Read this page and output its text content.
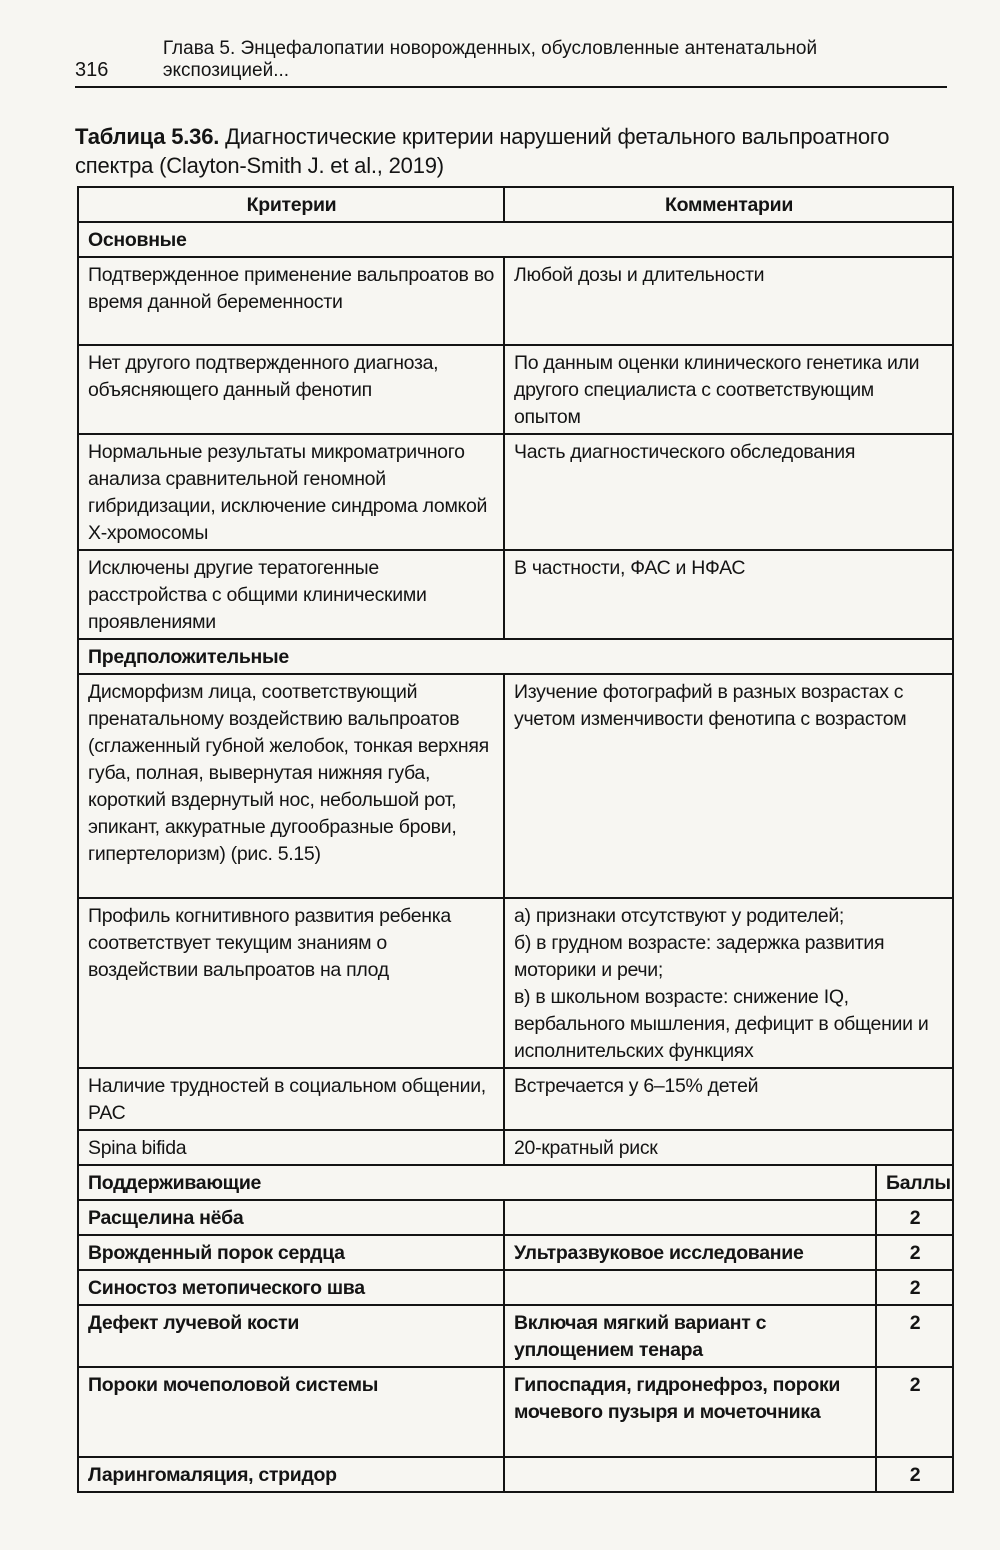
316
Глава 5. Энцефалопатии новорожденных, обусловленные антенатальной экспозицией...
Таблица 5.36. Диагностические критерии нарушений фетального вальпроатного спектра (Clayton-Smith J. et al., 2019)
Критерии	Комментарии	
Основные		
Подтвержденное применение вальпроатов во время данной беременности	Любой дозы и длительности	
Нет другого подтвержденного диагноза, объясняющего данный фенотип	По данным оценки клинического генетика или другого специалиста с соответствующим опытом	
Нормальные результаты микроматричного анализа сравнительной геномной гибридизации, исключение синдрома ломкой Х-хромосомы	Часть диагностического обследования	
Исключены другие тератогенные расстройства с общими клиническими проявлениями	В частности, ФАС и НФАС	
Предположительные		
Дисморфизм лица, соответствующий пренатальному воздействию вальпроатов (сглаженный губной желобок, тонкая верхняя губа, полная, вывернутая нижняя губа, короткий вздернутый нос, небольшой рот, эпикант, аккуратные дугообразные брови, гипертелоризм) (рис. 5.15)	Изучение фотографий в разных возрастах с учетом изменчивости фенотипа с возрастом	
Профиль когнитивного развития ребенка соответствует текущим знаниям о воздействии вальпроатов на плод	а) признаки отсутствуют у родителей;
б) в грудном возрасте: задержка развития моторики и речи;
в) в школьном возрасте: снижение IQ, вербального мышления, дефицит в общении и исполнительских функциях	

Наличие трудностей в социальном общении, РАС	Встречается у 6–15% детей	
Spina bifida	20-кратный риск	
Поддерживающие		Баллы
Расщелина нёба		2
Врожденный порок сердца	Ультразвуковое исследование	2
Синостоз метопического шва		2
Дефект лучевой кости	Включая мягкий вариант с уплощением тенара	2
Пороки мочеполовой системы	Гипоспадия, гидронефроз, пороки мочевого пузыря и мочеточника	2
Ларингомаляция, стридор		2
